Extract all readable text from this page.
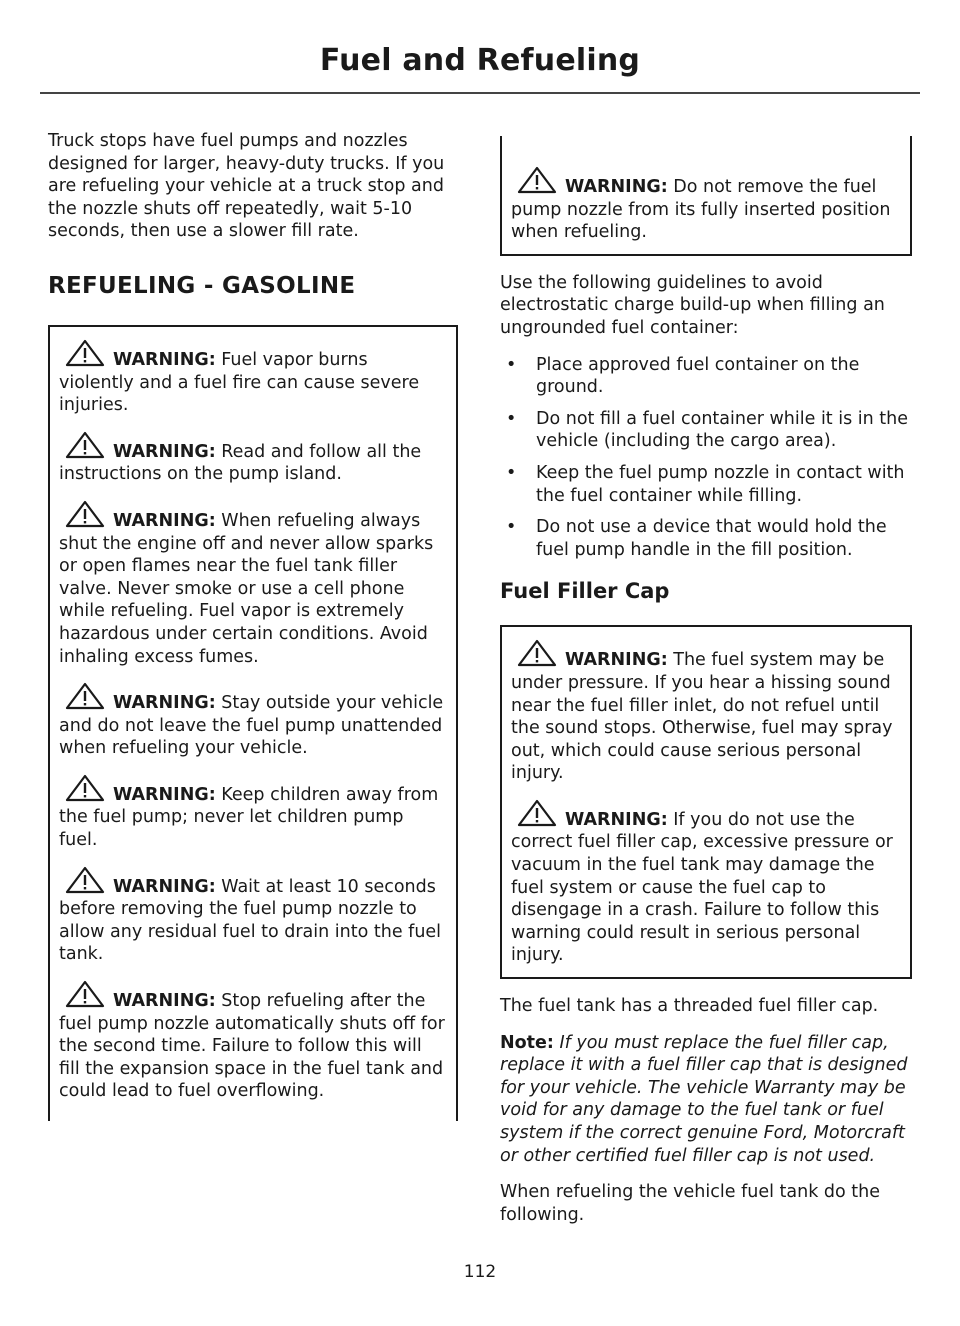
Fuel and Refueling

Truck stops have fuel pumps and nozzles designed for larger, heavy-duty trucks. If you are refueling your vehicle at a truck stop and the nozzle shuts off repeatedly, wait 5-10 seconds, then use a slower fill rate.

REFUELING - GASOLINE

WARNING: Fuel vapor burns violently and a fuel fire can cause severe injuries.

WARNING: Read and follow all the instructions on the pump island.

WARNING: When refueling always shut the engine off and never allow sparks or open flames near the fuel tank filler valve. Never smoke or use a cell phone while refueling. Fuel vapor is extremely hazardous under certain conditions. Avoid inhaling excess fumes.

WARNING: Stay outside your vehicle and do not leave the fuel pump unattended when refueling your vehicle.

WARNING: Keep children away from the fuel pump; never let children pump fuel.

WARNING: Wait at least 10 seconds before removing the fuel pump nozzle to allow any residual fuel to drain into the fuel tank.

WARNING: Stop refueling after the fuel pump nozzle automatically shuts off for the second time. Failure to follow this will fill the expansion space in the fuel tank and could lead to fuel overflowing.

WARNING: Do not remove the fuel pump nozzle from its fully inserted position when refueling.

Use the following guidelines to avoid electrostatic charge build-up when filling an ungrounded fuel container:

• Place approved fuel container on the ground.
• Do not fill a fuel container while it is in the vehicle (including the cargo area).
• Keep the fuel pump nozzle in contact with the fuel container while filling.
• Do not use a device that would hold the fuel pump handle in the fill position.
Fuel Filler Cap

WARNING: The fuel system may be under pressure. If you hear a hissing sound near the fuel filler inlet, do not refuel until the sound stops. Otherwise, fuel may spray out, which could cause serious personal injury.

WARNING: If you do not use the correct fuel filler cap, excessive pressure or vacuum in the fuel tank may damage the fuel system or cause the fuel cap to disengage in a crash. Failure to follow this warning could result in serious personal injury.

The fuel tank has a threaded fuel filler cap.

Note: If you must replace the fuel filler cap, replace it with a fuel filler cap that is designed for your vehicle. The vehicle Warranty may be void for any damage to the fuel tank or fuel system if the correct genuine Ford, Motorcraft or other certified fuel filler cap is not used.

When refueling the vehicle fuel tank do the following.

112
